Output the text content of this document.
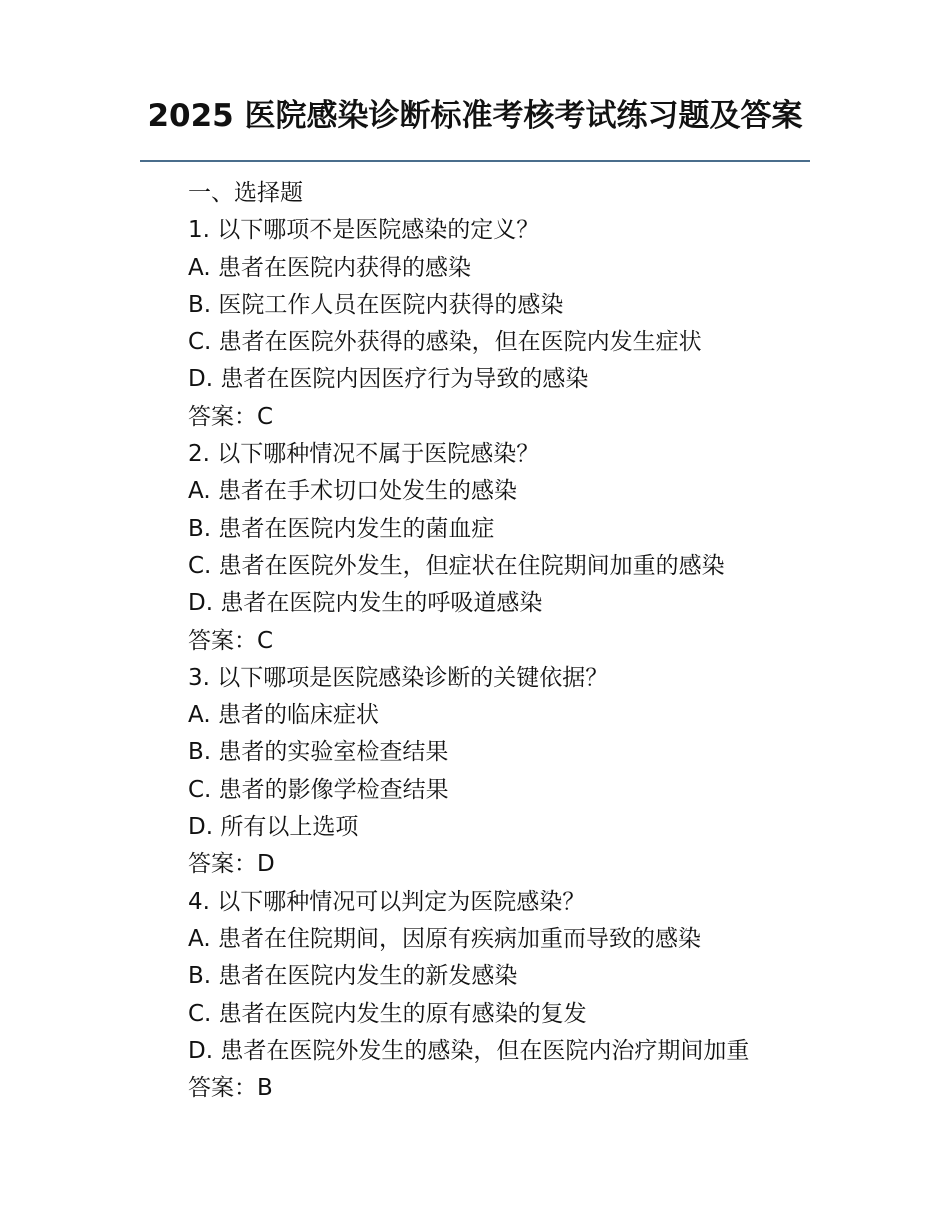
2025 医院感染诊断标准考核考试练习题及答案

一、选择题

1. 以下哪项不是医院感染的定义？

A. 患者在医院内获得的感染

B. 医院工作人员在医院内获得的感染

C. 患者在医院外获得的感染，但在医院内发生症状

D. 患者在医院内因医疗行为导致的感染

答案：C

2. 以下哪种情况不属于医院感染？

A. 患者在手术切口处发生的感染

B. 患者在医院内发生的菌血症

C. 患者在医院外发生，但症状在住院期间加重的感染

D. 患者在医院内发生的呼吸道感染

答案：C

3. 以下哪项是医院感染诊断的关键依据？

A. 患者的临床症状

B. 患者的实验室检查结果

C. 患者的影像学检查结果

D. 所有以上选项

答案：D

4. 以下哪种情况可以判定为医院感染？

A. 患者在住院期间，因原有疾病加重而导致的感染

B. 患者在医院内发生的新发感染

C. 患者在医院内发生的原有感染的复发

D. 患者在医院外发生的感染，但在医院内治疗期间加重

答案：B
